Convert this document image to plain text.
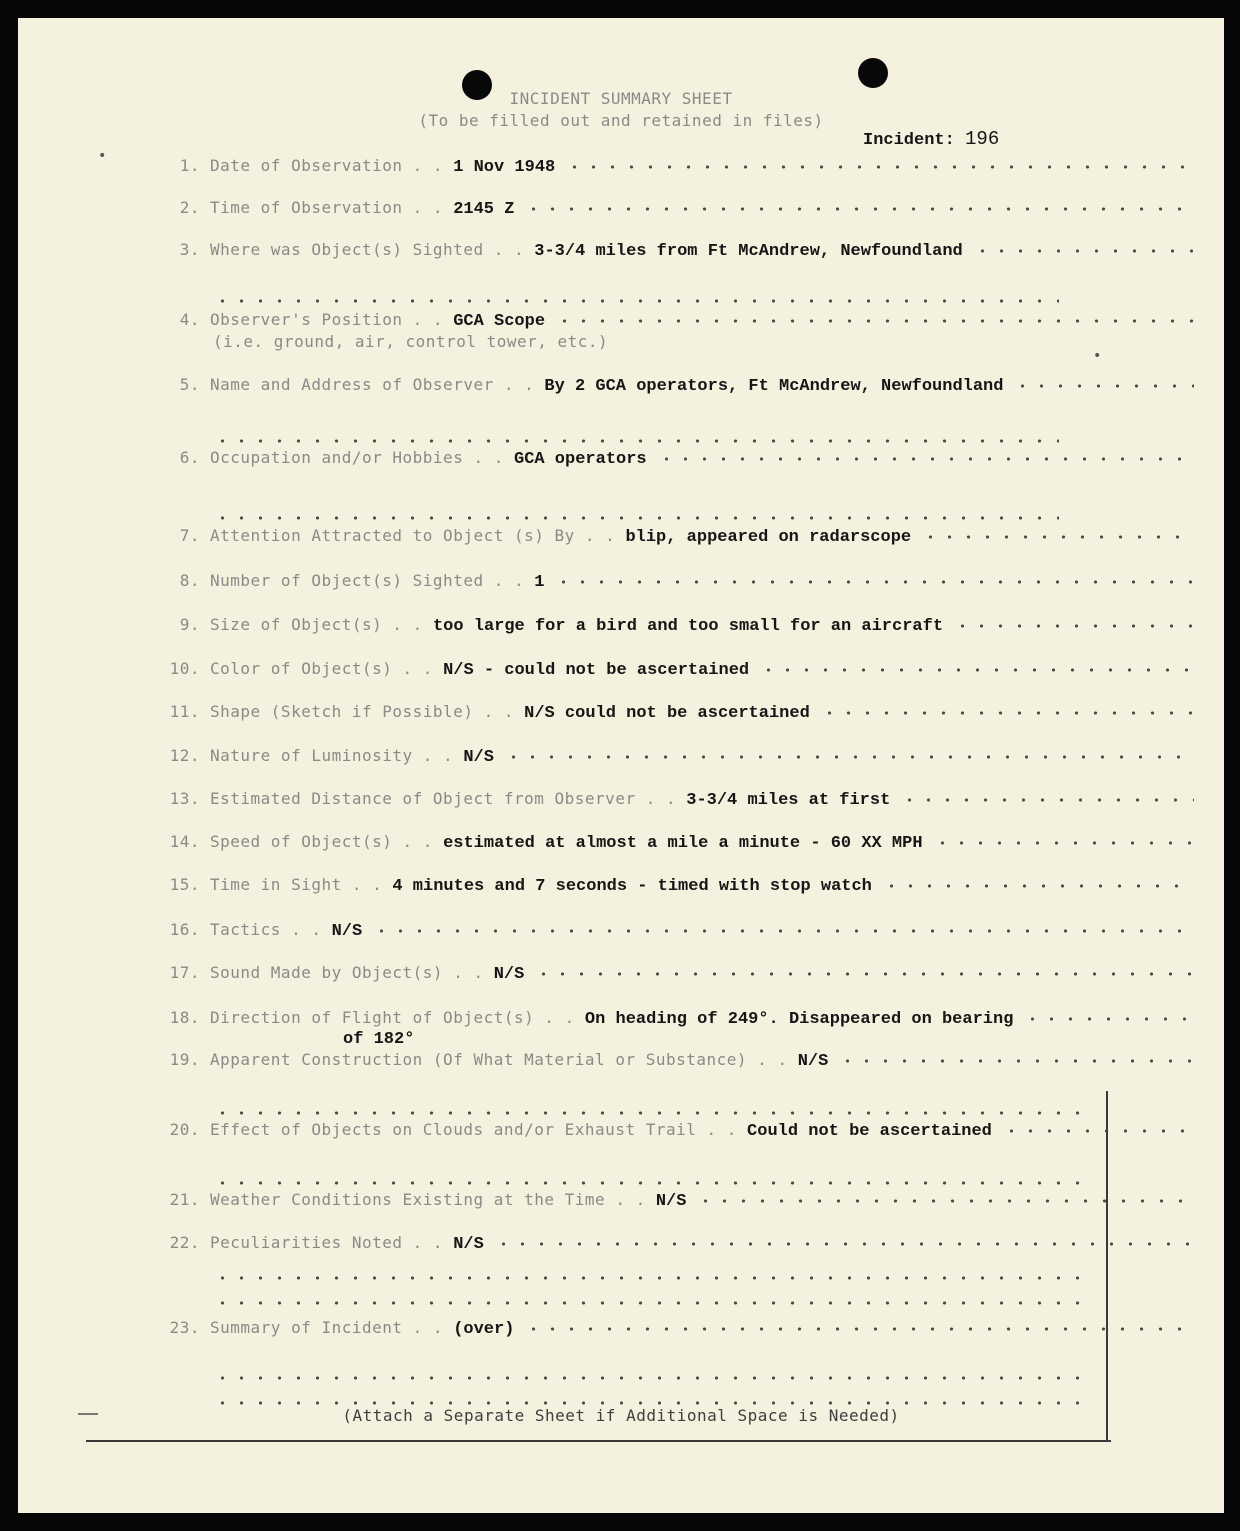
INCIDENT SUMMARY SHEET
(To be filled out and retained in files)
Incident: 196
1. Date of Observation . . 1 Nov 1948
2. Time of Observation . . 2145 Z
3. Where was Object(s) Sighted . . 3-3/4 miles from Ft McAndrew, Newfoundland
4. Observer's Position . . GCA Scope
(i.e. ground, air, control tower, etc.)
5. Name and Address of Observer . . By 2 GCA operators, Ft McAndrew, Newfoundland
6. Occupation and/or Hobbies . . GCA operators
7. Attention Attracted to Object (s) By . . blip, appeared on radarscope
8. Number of Object(s) Sighted . . 1
9. Size of Object(s) . . too large for a bird and too small for an aircraft
10. Color of Object(s) . . N/S - could not be ascertained
11. Shape (Sketch if Possible) . . N/S could not be ascertained
12. Nature of Luminosity . . N/S
13. Estimated Distance of Object from Observer . . 3-3/4 miles at first
14. Speed of Object(s) . . estimated at almost a mile a minute - 60 XX MPH
15. Time in Sight . . 4 minutes and 7 seconds - timed with stop watch
16. Tactics . . N/S
17. Sound Made by Object(s) . . N/S
18. Direction of Flight of Object(s) . . On heading of 249°. Disappeared on bearing
of 182°
19. Apparent Construction (Of What Material or Substance) . . N/S
20. Effect of Objects on Clouds and/or Exhaust Trail . . Could not be ascertained
21. Weather Conditions Existing at the Time . . N/S
22. Peculiarities Noted . . N/S
23. Summary of Incident . . (over)
•
•
(Attach a Separate Sheet if Additional Space is Needed)
